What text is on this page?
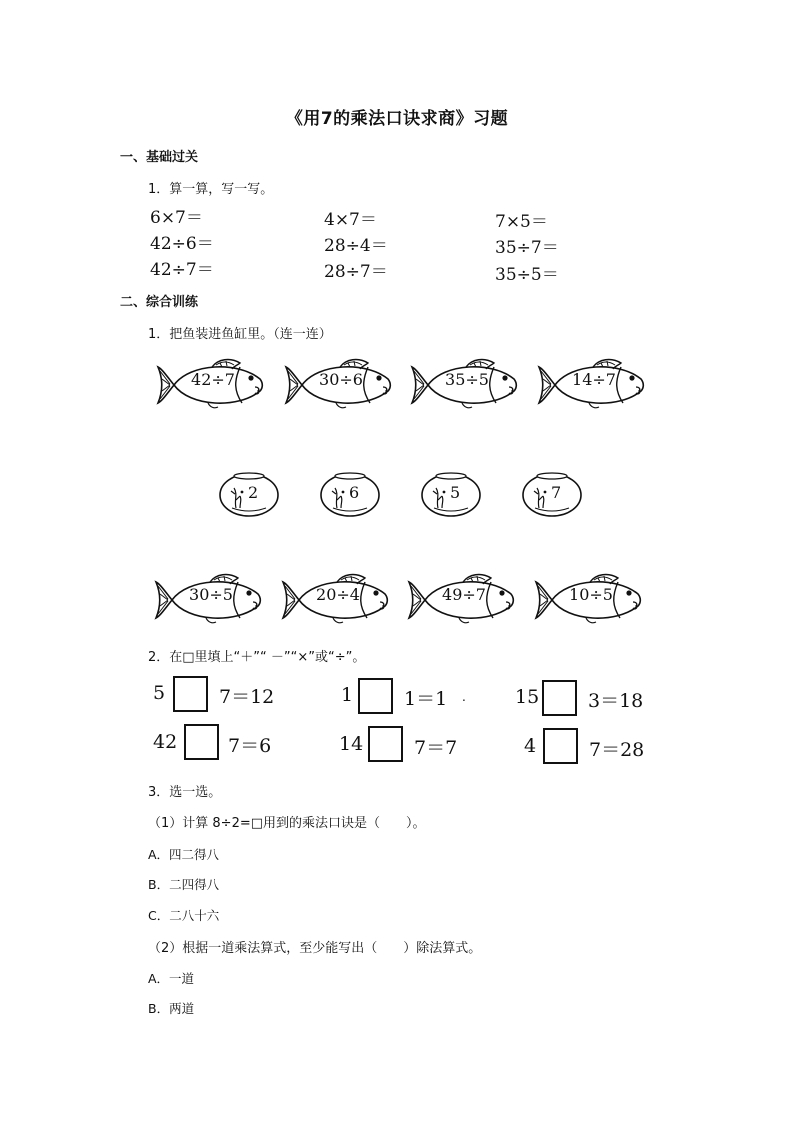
《用7的乘法口诀求商》习题
一、基础过关
1．算一算，写一写。
6×7＝	4×7＝	7×5＝
42÷6＝	28÷4＝	35÷7＝
42÷7＝	28÷7＝	35÷5＝
二、综合训练
1．把鱼装进鱼缸里。（连一连）
42÷7	30÷6	35÷5	14÷7
2	6	5	7
30÷5	20÷4	49÷7	10÷5
2．在□里填上“＋”“ －”“×”或“÷”。
5	7＝12	1	1＝1 .	15	3＝18
42	7＝6	14	7＝7	4	7＝28
3．选一选。
（1）计算 8÷2=□用到的乘法口诀是（　　）。
A．四二得八
B．二四得八
C．二八十六
（2）根据一道乘法算式，至少能写出（　　）除法算式。
A．一道
B．两道
